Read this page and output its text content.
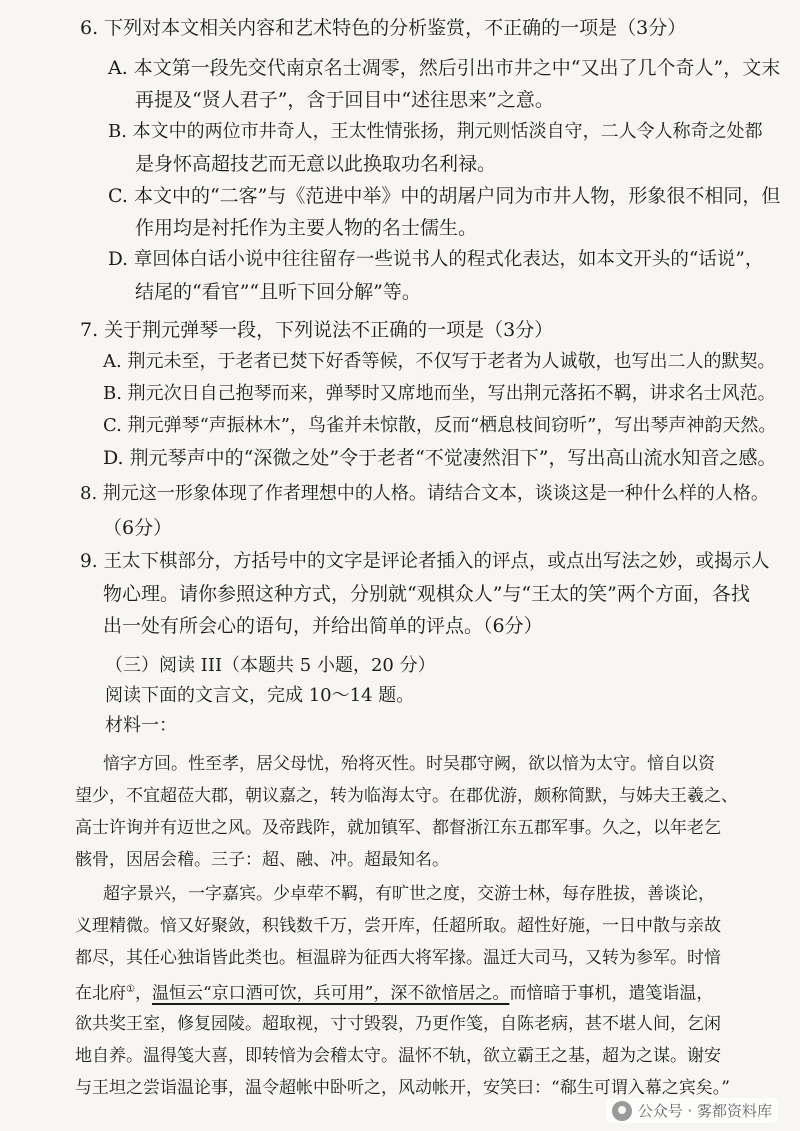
6. 下列对本文相关内容和艺术特色的分析鉴赏，不正确的一项是（3分）
A. 本文第一段先交代南京名士凋零，然后引出市井之中“又出了几个奇人”，文末
再提及“贤人君子”，含于回目中“述往思来”之意。
B. 本文中的两位市井奇人，王太性情张扬，荆元则恬淡自守，二人令人称奇之处都
是身怀高超技艺而无意以此换取功名利禄。
C. 本文中的“二客”与《范进中举》中的胡屠户同为市井人物，形象很不相同，但
作用均是衬托作为主要人物的名士儒生。
D. 章回体白话小说中往往留存一些说书人的程式化表达，如本文开头的“话说”，
结尾的“看官”“且听下回分解”等。
7. 关于荆元弹琴一段，下列说法不正确的一项是（3分）
A. 荆元未至，于老者已焚下好香等候，不仅写于老者为人诚敬，也写出二人的默契。
B. 荆元次日自己抱琴而来，弹琴时又席地而坐，写出荆元落拓不羁，讲求名士风范。
C. 荆元弹琴“声振林木”，鸟雀并未惊散，反而“栖息枝间窃听”，写出琴声神韵天然。
D. 荆元琴声中的“深微之处”令于老者“不觉凄然泪下”，写出高山流水知音之感。
8. 荆元这一形象体现了作者理想中的人格。请结合文本，谈谈这是一种什么样的人格。
（6分）
9. 王太下棋部分，方括号中的文字是评论者插入的评点，或点出写法之妙，或揭示人
物心理。请你参照这种方式，分别就“观棋众人”与“王太的笑”两个方面，各找
出一处有所会心的语句，并给出简单的评点。（6分）
（三）阅读 III（本题共 5 小题，20 分）
阅读下面的文言文，完成 10～14 题。
材料一：
愔字方回。性至孝，居父母忧，殆将灭性。时吴郡守阙，欲以愔为太守。愔自以资
望少，不宜超莅大郡，朝议嘉之，转为临海太守。在郡优游，颇称简默，与姊夫王羲之、
高士许询并有迈世之风。及帝践阼，就加镇军、都督浙江东五郡军事。久之，以年老乞
骸骨，因居会稽。三子：超、融、冲。超最知名。
超字景兴，一字嘉宾。少卓荦不羁，有旷世之度，交游士林，每存胜拔，善谈论，
义理精微。愔又好聚敛，积钱数千万，尝开库，任超所取。超性好施，一日中散与亲故
都尽，其任心独诣皆此类也。桓温辟为征西大将军掾。温迁大司马，又转为参军。时愔
在北府①，温恒云“京口酒可饮，兵可用”，深不欲愔居之。而愔暗于事机，遣笺诣温，
欲共奖王室，修复园陵。超取视，寸寸毁裂，乃更作笺，自陈老病，甚不堪人间，乞闲
地自养。温得笺大喜，即转愔为会稽太守。温怀不轨，欲立霸王之基，超为之谋。谢安
与王坦之尝诣温论事，温令超帐中卧听之，风动帐开，安笑曰：“郗生可谓入幕之宾矣。”
公众号 · 雾都资料库
